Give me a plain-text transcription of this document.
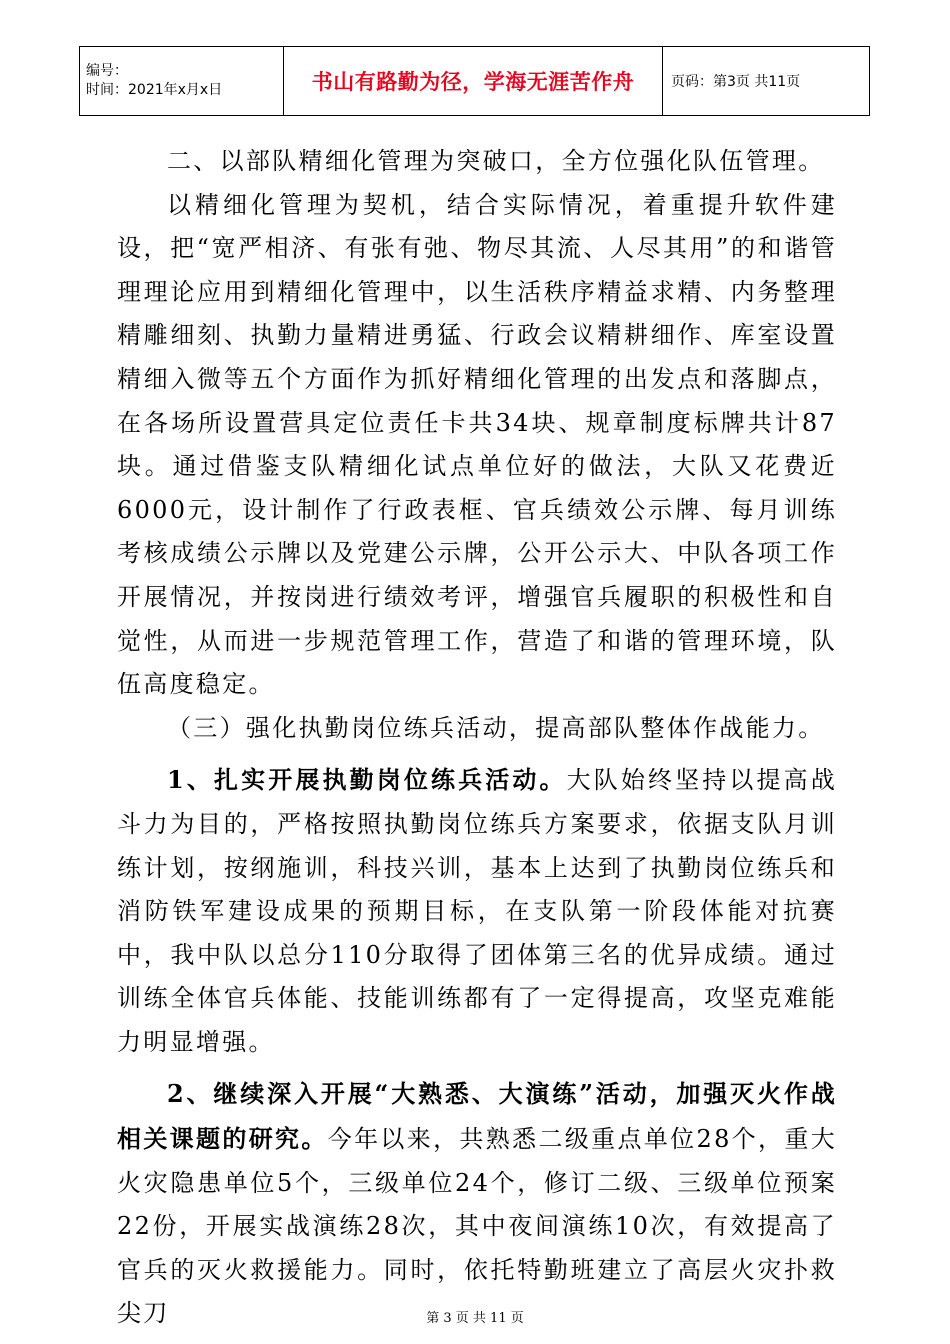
编号：
时间：2021年x月x日	书山有路勤为径，学海无涯苦作舟	页码：第3页 共11页

二、以部队精细化管理为突破口，全方位强化队伍管理。

以精细化管理为契机，结合实际情况，着重提升软件建设，把“宽严相济、有张有弛、物尽其流、人尽其用”的和谐管理理论应用到精细化管理中，以生活秩序精益求精、内务整理精雕细刻、执勤力量精进勇猛、行政会议精耕细作、库室设置精细入微等五个方面作为抓好精细化管理的出发点和落脚点，在各场所设置营具定位责任卡共34块、规章制度标牌共计87块。通过借鉴支队精细化试点单位好的做法，大队又花费近6000元，设计制作了行政表框、官兵绩效公示牌、每月训练考核成绩公示牌以及党建公示牌，公开公示大、中队各项工作开展情况，并按岗进行绩效考评，增强官兵履职的积极性和自觉性，从而进一步规范管理工作，营造了和谐的管理环境，队伍高度稳定。

（三）强化执勤岗位练兵活动，提高部队整体作战能力。

1、扎实开展执勤岗位练兵活动。大队始终坚持以提高战斗力为目的，严格按照执勤岗位练兵方案要求，依据支队月训练计划，按纲施训，科技兴训，基本上达到了执勤岗位练兵和消防铁军建设成果的预期目标，在支队第一阶段体能对抗赛中，我中队以总分110分取得了团体第三名的优异成绩。通过训练全体官兵体能、技能训练都有了一定得提高，攻坚克难能力明显增强。

2、继续深入开展“大熟悉、大演练”活动，加强灭火作战相关课题的研究。今年以来，共熟悉二级重点单位28个，重大火灾隐患单位5个，三级单位24个，修订二级、三级单位预案22份，开展实战演练28次，其中夜间演练10次，有效提高了官兵的灭火救援能力。同时，依托特勤班建立了高层火灾扑救尖刀	第 3 页 共 11 页
